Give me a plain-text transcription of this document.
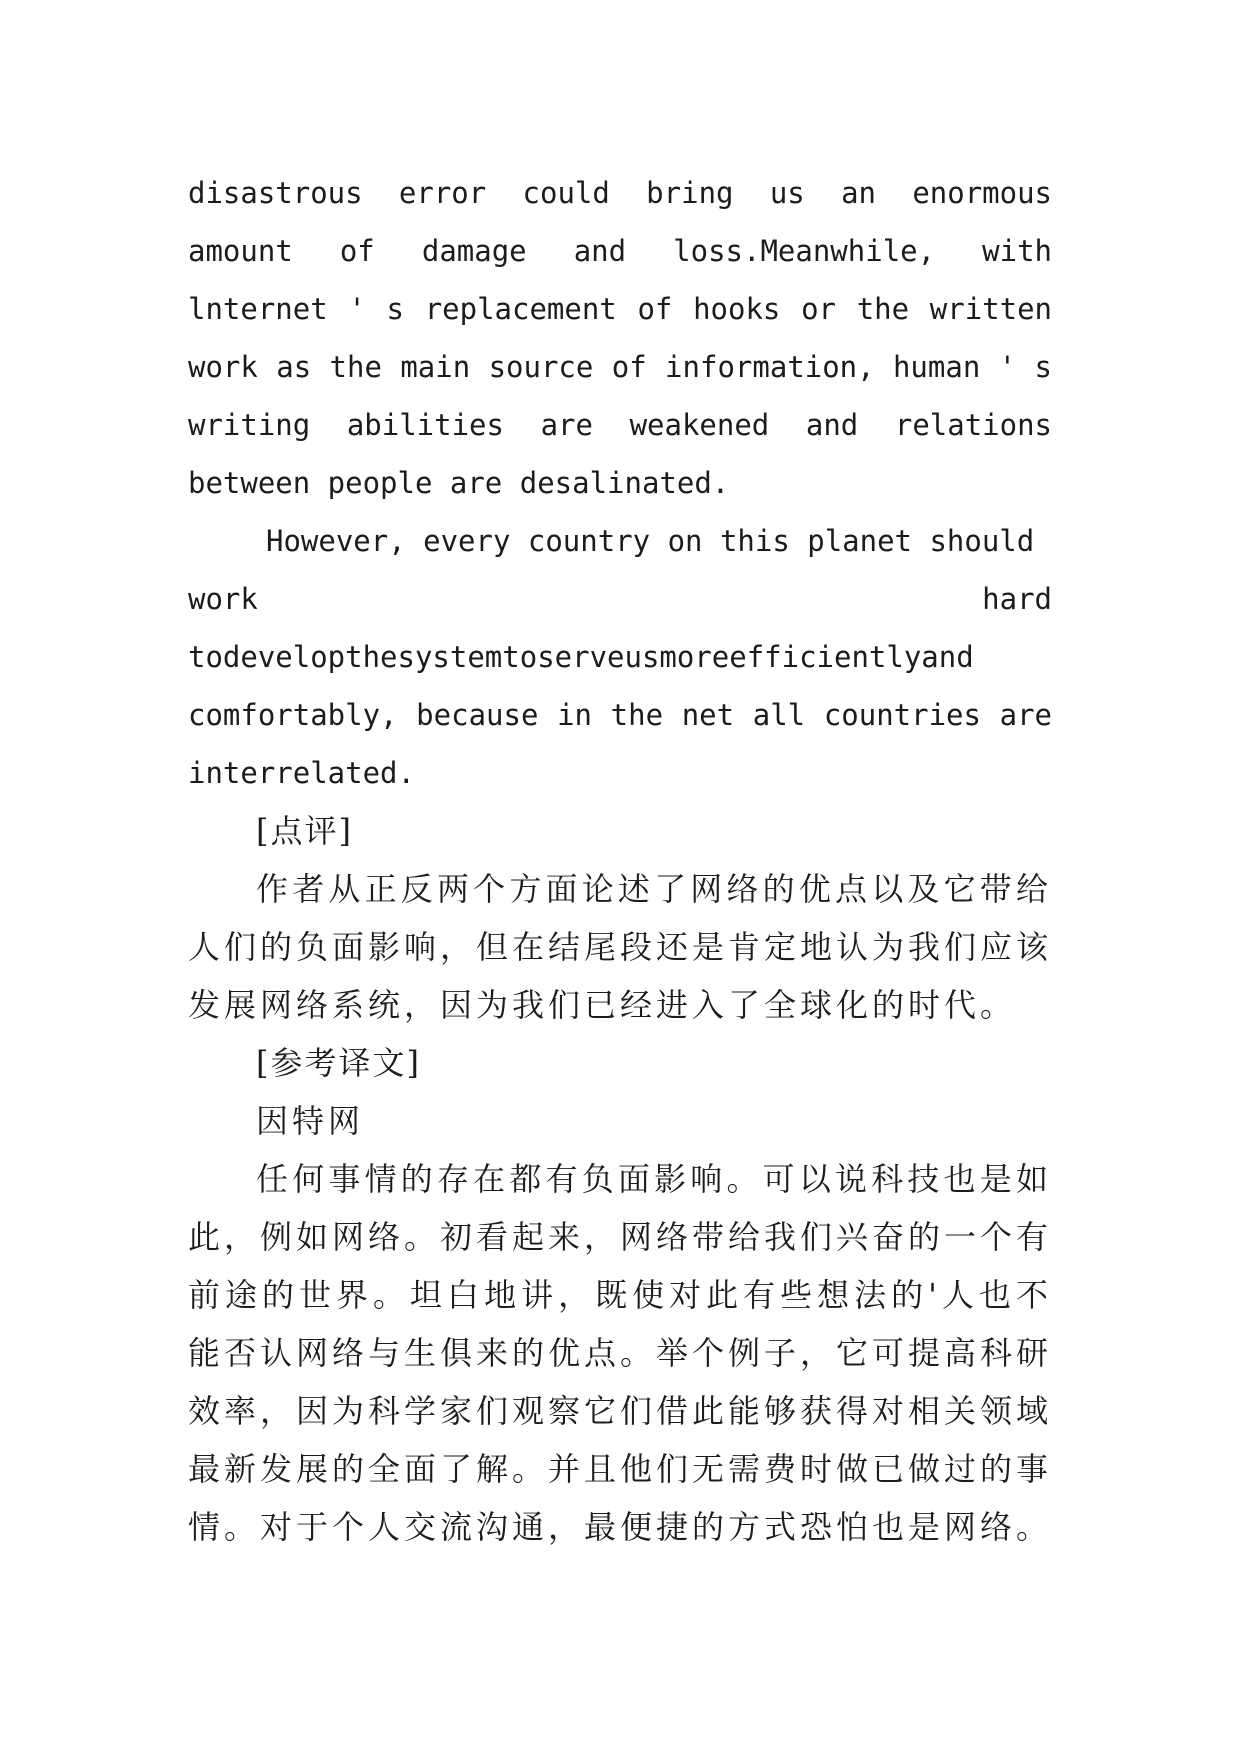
disastrous error could bring us an enormous amount of damage and loss.Meanwhile, with lnternet ' s replacement of hooks or the written work as the main source of information, human ' s writing abilities are weakened and relations between people are desalinated.

However, every country on this planet should

work	hard

todevelopthesystemtoserveusmoreefficientlyand

comfortably, because in the net all countries are interrelated.

[点评]

作者从正反两个方面论述了网络的优点以及它带给人们的负面影响，但在结尾段还是肯定地认为我们应该发展网络系统，因为我们已经进入了全球化的时代。

[参考译文]

因特网

任何事情的存在都有负面影响。可以说科技也是如此，例如网络。初看起来，网络带给我们兴奋的一个有前途的世界。坦白地讲，既使对此有些想法的'人也不能否认网络与生俱来的优点。举个例子，它可提高科研效率，因为科学家们观察它们借此能够获得对相关领域最新发展的全面了解。并且他们无需费时做已做过的事情。对于个人交流沟通，最便捷的方式恐怕也是网络。
